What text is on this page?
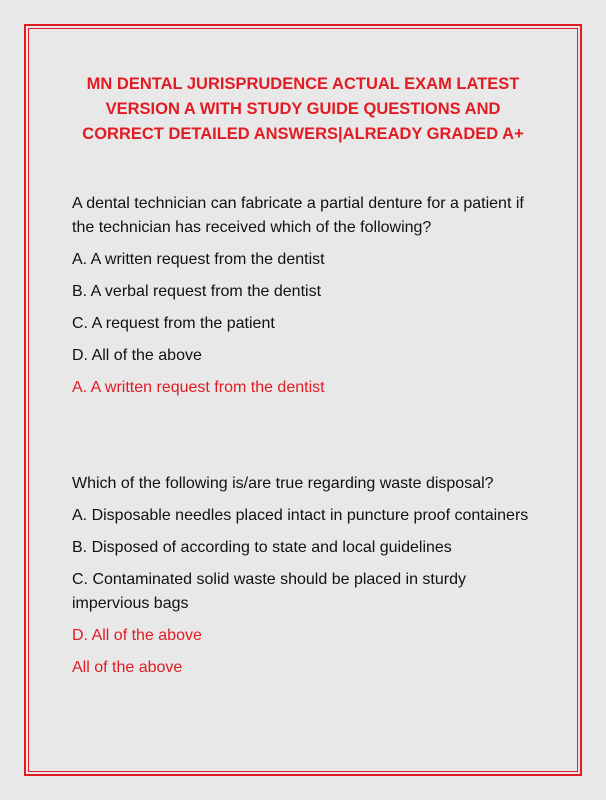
MN DENTAL JURISPRUDENCE ACTUAL EXAM LATEST
VERSION A WITH STUDY GUIDE QUESTIONS AND
CORRECT DETAILED ANSWERS|ALREADY GRADED A+

A dental technician can fabricate a partial denture for a patient if the technician has received which of the following?

A. A written request from the dentist

B. A verbal request from the dentist

C. A request from the patient

D. All of the above

A. A written request from the dentist

Which of the following is/are true regarding waste disposal?

A. Disposable needles placed intact in puncture proof containers

B. Disposed of according to state and local guidelines

C. Contaminated solid waste should be placed in sturdy impervious bags

D. All of the above

All of the above
